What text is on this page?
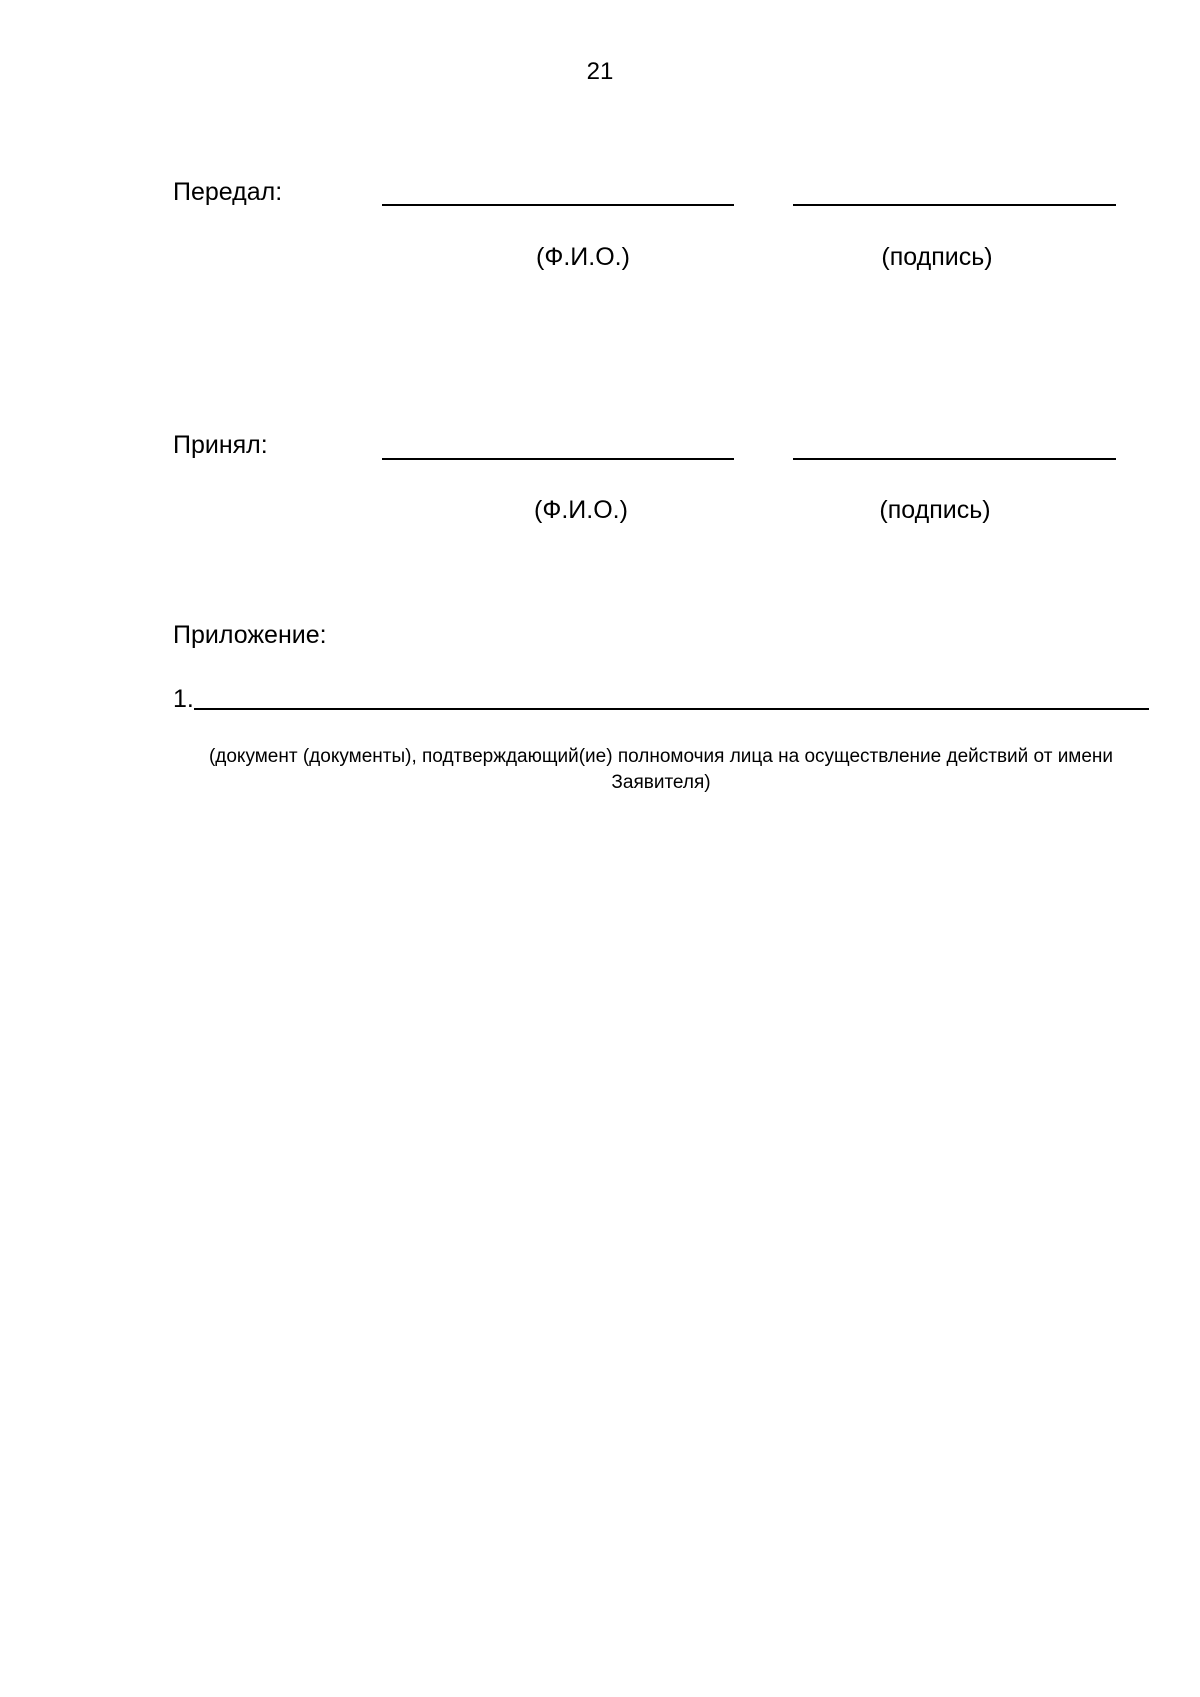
21
Передал:
(Ф.И.О.)	(подпись)
Принял:
(Ф.И.О.)	(подпись)
Приложение:
1.
(документ (документы), подтверждающий(ие) полномочия лица на осуществление действий от имени
Заявителя)
